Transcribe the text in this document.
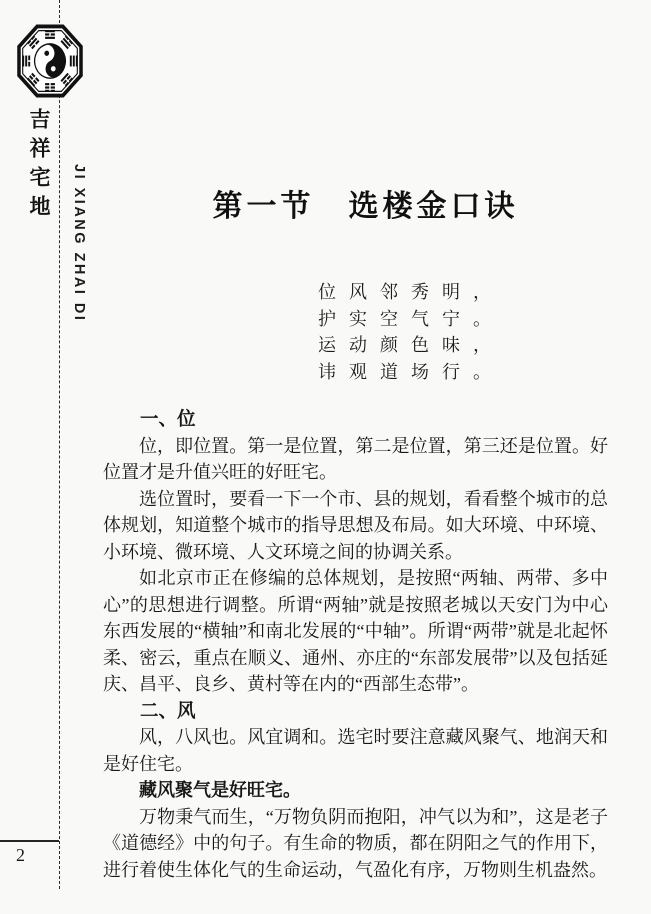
吉祥宅地 JI XIANG ZHAI DI	第一节　选楼金口诀
位风邻秀明，
护实空气宁。
运动颜色味，
讳观道场行。

一、位

位，即位置。第一是位置，第二是位置，第三还是位置。好位置才是升值兴旺的好旺宅。

选位置时，要看一下一个市、县的规划，看看整个城市的总体规划，知道整个城市的指导思想及布局。如大环境、中环境、小环境、微环境、人文环境之间的协调关系。

如北京市正在修编的总体规划，是按照“两轴、两带、多中心”的思想进行调整。所谓“两轴”就是按照老城以天安门为中心东西发展的“横轴”和南北发展的“中轴”。所谓“两带”就是北起怀柔、密云，重点在顺义、通州、亦庄的“东部发展带”以及包括延庆、昌平、良乡、黄村等在内的“西部生态带”。

二、风

风，八风也。风宜调和。选宅时要注意藏风聚气、地润天和是好住宅。

藏风聚气是好旺宅。

万物秉气而生，“万物负阴而抱阳，冲气以为和”，这是老子《道德经》中的句子。有生命的物质，都在阴阳之气的作用下，进行着使生体化气的生命运动，气盈化有序，万物则生机盎然。

2
